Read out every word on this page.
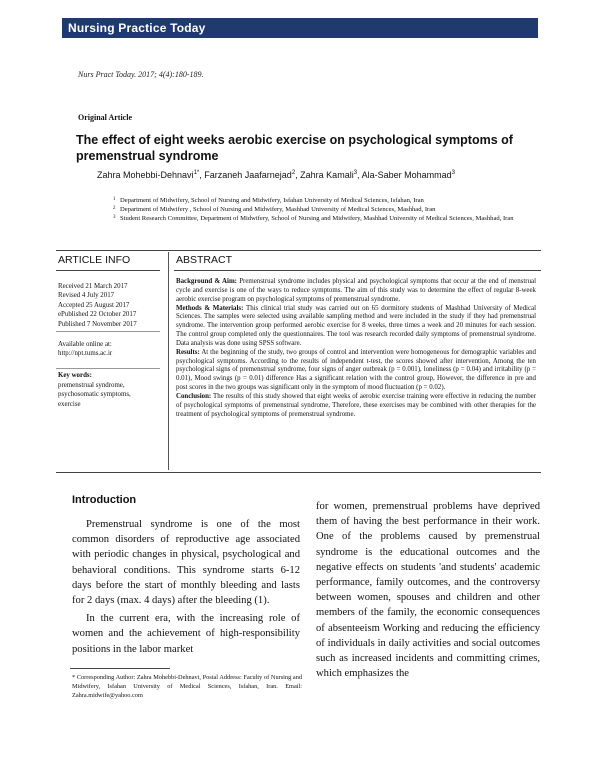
Nursing Practice Today
Nurs Pract Today. 2017; 4(4):180-189.
Original Article
The effect of eight weeks aerobic exercise on psychological symptoms of premenstrual syndrome
Zahra Mohebbi-Dehnavi$^{1*}$, Farzaneh Jaafarnejad$^2$, Zahra Kamali$^3$, Ala-Saber Mohammad$^3$
1 Department of Midwifery, School of Nursing and Midwifery, Isfahan University of Medical Sciences, Isfahan, Iran
2 Department of Midwifery , School of Nursing and Midwifery, Mashhad University of Medical Sciences, Mashhad, Iran
3 Student Research Committee, Department of Midwifery, School of Nursing and Midwifery, Mashhad University of Medical Sciences, Mashhad, Iran
ARTICLE INFO	ABSTRACT
Received 21 March 2017
Revised 4 July 2017
Accepted 25 August 2017
ePublished 22 October 2017
Published 7 November 2017
Available online at:
http://npt.tums.ac.ir
Key words:
premenstrual syndrome,
psychosomatic symptoms,
exercise
Background & Aim: Premenstrual syndrome includes physical and psychological symptoms that occur at the end of menstrual cycle and exercise is one of the ways to reduce symptoms. The aim of this study was to determine the effect of regular 8-week aerobic exercise program on psychological symptoms of premenstrual syndrome.
Methods & Materials: This clinical trial study was carried out on 65 dormitory students of Mashhad University of Medical Sciences. The samples were selected using available sampling method and were included in the study if they had premenstrual syndrome. The intervention group performed aerobic exercise for 8 weeks, three times a week and 20 minutes for each session. The control group completed only the questionnaires. The tool was research recorded daily symptoms of premenstrual syndrome. Data analysis was done using SPSS software.
Results: At the beginning of the study, two groups of control and intervention were homogeneous for demographic variables and psychological symptoms. According to the results of independent t-test, the scores showed after intervention, Among the ten psychological signs of premenstrual syndrome, four signs of anger outbreak (p = 0.001), loneliness (p = 0.04) and irritability (p = 0.01), Mood swings (p = 0.01) difference Has a significant relation with the control group, However, the difference in pre and post scores in the two groups was significant only in the symptom of mood fluctuation (p = 0.02).
Conclusion: The results of this study showed that eight weeks of aerobic exercise training were effective in reducing the number of psychological symptoms of premenstrual syndrome, Therefore, these exercises may be combined with other therapies for the treatment of psychological symptoms of premenstrual syndrome.
Introduction

Premenstrual syndrome is one of the most common disorders of reproductive age associated with periodic changes in physical, psychological and behavioral conditions. This syndrome starts 6-12 days before the start of monthly bleeding and lasts for 2 days (max. 4 days) after the bleeding (1).

In the current era, with the increasing role of women and the achievement of high-responsibility positions in the labor market

for women, premenstrual problems have deprived them of having the best performance in their work. One of the problems caused by premenstrual syndrome is the educational outcomes and the negative effects on students 'and students' academic performance, family outcomes, and the controversy between women, spouses and children and other members of the family, the economic consequences of absenteeism Working and reducing the efficiency of individuals in daily activities and social outcomes such as increased incidents and committing crimes, which emphasizes the
* Corresponding Author: Zahra Mohebbi-Dehnavi, Postal Address: Faculty of Nursing and Midwifery, Isfahan University of Medical Sciences, Isfahan, Iran. Email: Zahra.midwife@yahoo.com
